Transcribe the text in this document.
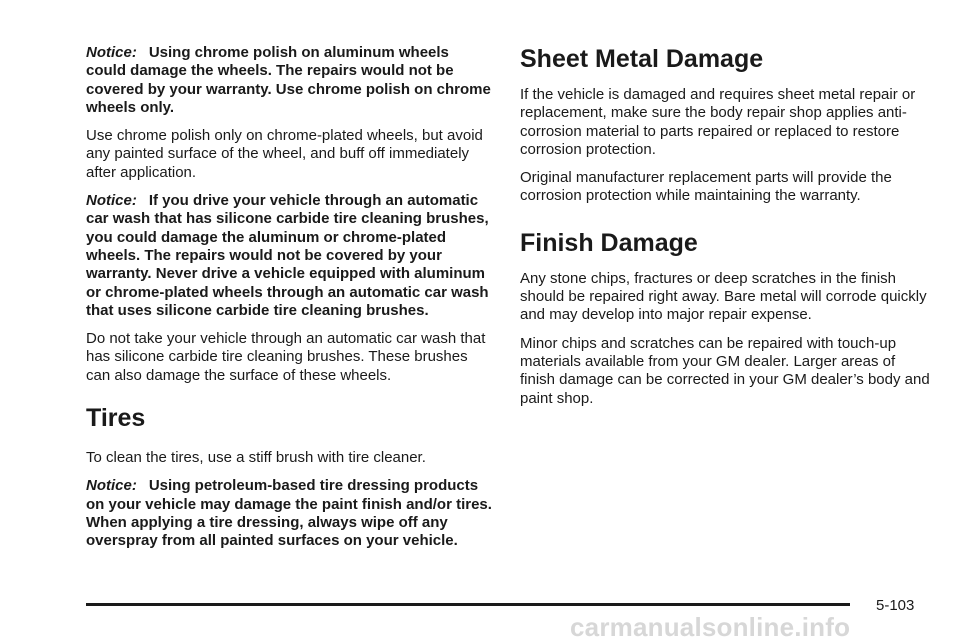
Notice: Using chrome polish on aluminum wheels could damage the wheels. The repairs would not be covered by your warranty. Use chrome polish on chrome wheels only.

Use chrome polish only on chrome-plated wheels, but avoid any painted surface of the wheel, and buff off immediately after application.

Notice: If you drive your vehicle through an automatic car wash that has silicone carbide tire cleaning brushes, you could damage the aluminum or chrome-plated wheels. The repairs would not be covered by your warranty. Never drive a vehicle equipped with aluminum or chrome-plated wheels through an automatic car wash that uses silicone carbide tire cleaning brushes.

Do not take your vehicle through an automatic car wash that has silicone carbide tire cleaning brushes. These brushes can also damage the surface of these wheels.

Tires

To clean the tires, use a stiff brush with tire cleaner.

Notice: Using petroleum-based tire dressing products on your vehicle may damage the paint finish and/or tires. When applying a tire dressing, always wipe off any overspray from all painted surfaces on your vehicle.

Sheet Metal Damage

If the vehicle is damaged and requires sheet metal repair or replacement, make sure the body repair shop applies anti-corrosion material to parts repaired or replaced to restore corrosion protection.

Original manufacturer replacement parts will provide the corrosion protection while maintaining the warranty.

Finish Damage

Any stone chips, fractures or deep scratches in the finish should be repaired right away. Bare metal will corrode quickly and may develop into major repair expense.

Minor chips and scratches can be repaired with touch-up materials available from your GM dealer. Larger areas of finish damage can be corrected in your GM dealer’s body and paint shop.

5-103
carmanualsonline.info
